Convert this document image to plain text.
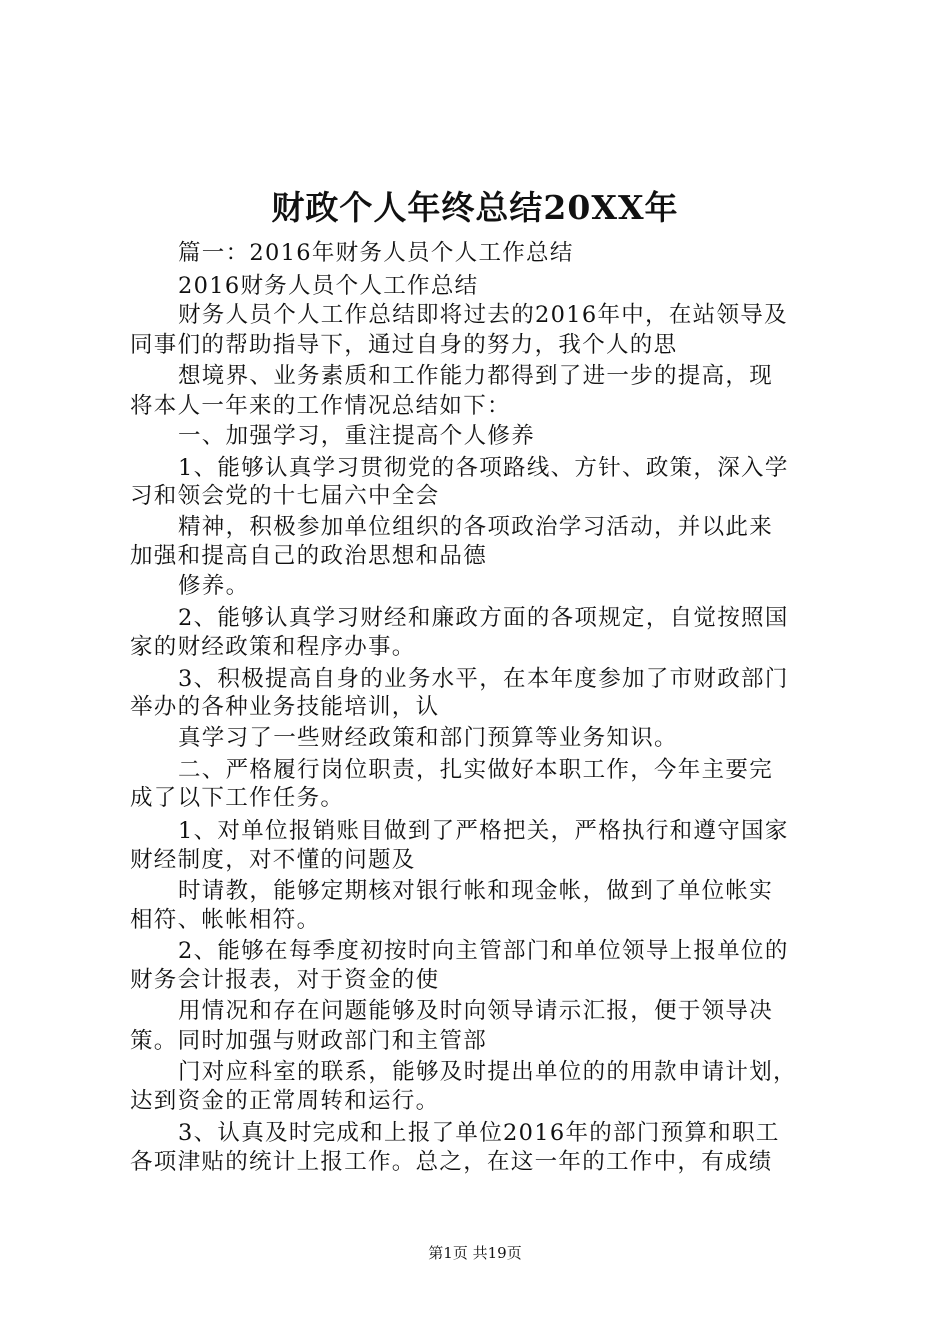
财政个人年终总结20XX年
篇一：2016年财务人员个人工作总结
2016财务人员个人工作总结
财务人员个人工作总结即将过去的2016年中，在站领导及
同事们的帮助指导下，通过自身的努力，我个人的思
想境界、业务素质和工作能力都得到了进一步的提高，现
将本人一年来的工作情况总结如下：
一、加强学习，重注提高个人修养
1、能够认真学习贯彻党的各项路线、方针、政策，深入学
习和领会党的十七届六中全会
精神，积极参加单位组织的各项政治学习活动，并以此来
加强和提高自己的政治思想和品德
修养。
2、能够认真学习财经和廉政方面的各项规定，自觉按照国
家的财经政策和程序办事。
3、积极提高自身的业务水平，在本年度参加了市财政部门
举办的各种业务技能培训，认
真学习了一些财经政策和部门预算等业务知识。
二、严格履行岗位职责，扎实做好本职工作，今年主要完
成了以下工作任务。
1、对单位报销账目做到了严格把关，严格执行和遵守国家
财经制度，对不懂的问题及
时请教，能够定期核对银行帐和现金帐，做到了单位帐实
相符、帐帐相符。
2、能够在每季度初按时向主管部门和单位领导上报单位的
财务会计报表，对于资金的使
用情况和存在问题能够及时向领导请示汇报，便于领导决
策。同时加强与财政部门和主管部
门对应科室的联系，能够及时提出单位的的用款申请计划，
达到资金的正常周转和运行。
3、认真及时完成和上报了单位2016年的部门预算和职工
各项津贴的统计上报工作。总之，在这一年的工作中，有成绩
第1页 共19页
